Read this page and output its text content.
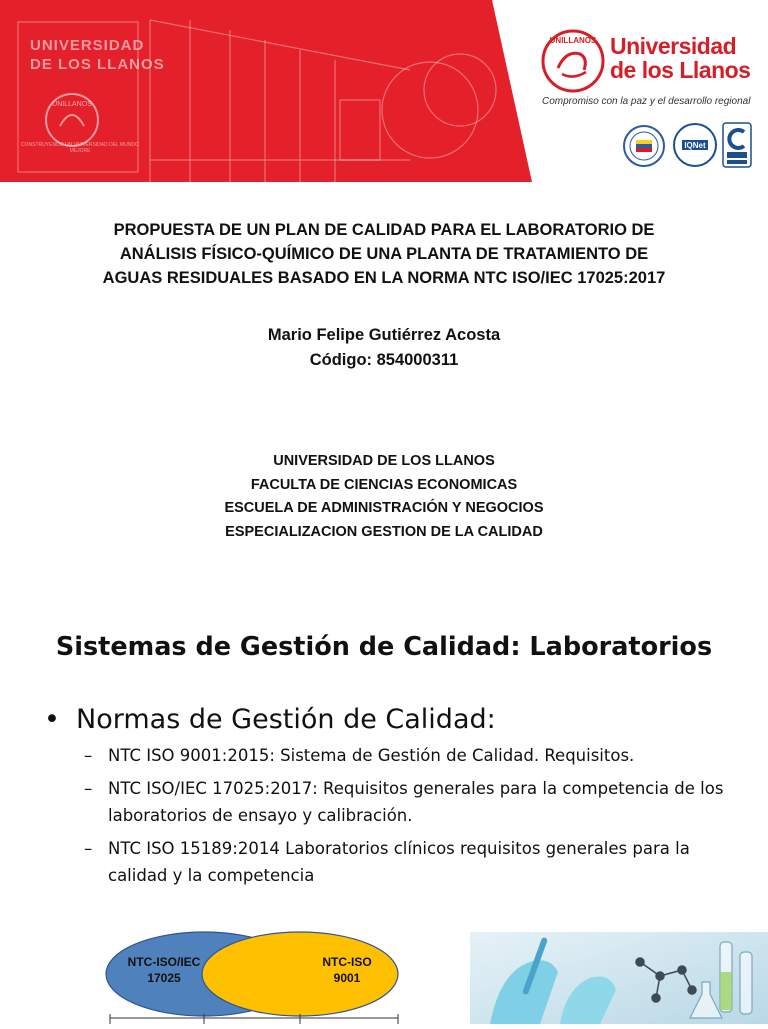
UNIVERSIDAD
DE LOS LLANOS
UNILLANOS
CONSTRUYENDO UN UNIVERSIDAD DEL MUNDO MEJORE
UNILLANOS Universidad
de los Llanos
Compromiso con la paz y el desarrollo regional
IQNet
PROPUESTA DE UN PLAN DE CALIDAD PARA EL LABORATORIO DE
ANÁLISIS FÍSICO-QUÍMICO DE UNA PLANTA DE TRATAMIENTO DE
AGUAS RESIDUALES BASADO EN LA NORMA NTC ISO/IEC 17025:2017
Mario Felipe Gutiérrez Acosta
Código: 854000311
UNIVERSIDAD DE LOS LLANOS
FACULTA DE CIENCIAS ECONOMICAS
ESCUELA DE ADMINISTRACIÓN Y NEGOCIOS
ESPECIALIZACION GESTION DE LA CALIDAD
Sistemas de Gestión de Calidad: Laboratorios
• Normas de Gestión de Calidad:
– NTC ISO 9001:2015: Sistema de Gestión de Calidad. Requisitos.
– NTC ISO/IEC 17025:2017: Requisitos generales para la competencia de los laboratorios de ensayo y calibración.
– NTC ISO 15189:2014 Laboratorios clínicos requisitos generales para la calidad y la competencia
NTC-ISO/IEC
17025
NTC-ISO
9001
